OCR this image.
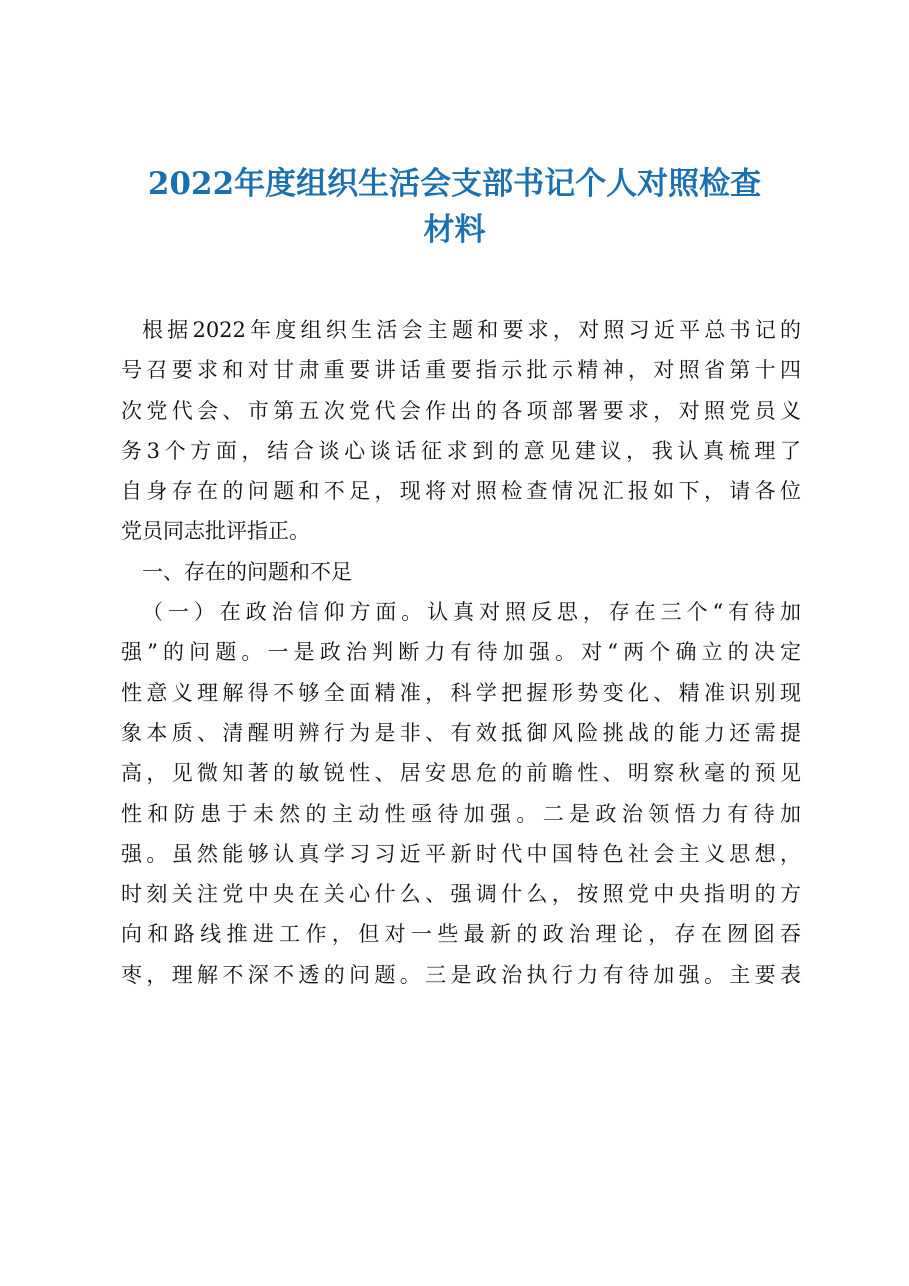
2022年度组织生活会支部书记个人对照检查
材料
根据2022年度组织生活会主题和要求，对照习近平总书记的
号召要求和对甘肃重要讲话重要指示批示精神，对照省第十四
次党代会、市第五次党代会作出的各项部署要求，对照党员义
务3个方面，结合谈心谈话征求到的意见建议，我认真梳理了
自身存在的问题和不足，现将对照检查情况汇报如下，请各位
党员同志批评指正。
一、存在的问题和不足
（一）在政治信仰方面。认真对照反思，存在三个“有待加
强”的问题。一是政治判断力有待加强。对“两个确立的决定
性意义理解得不够全面精准，科学把握形势变化、精准识别现
象本质、清醒明辨行为是非、有效抵御风险挑战的能力还需提
高，见微知著的敏锐性、居安思危的前瞻性、明察秋毫的预见
性和防患于未然的主动性亟待加强。二是政治领悟力有待加
强。虽然能够认真学习习近平新时代中国特色社会主义思想，
时刻关注党中央在关心什么、强调什么，按照党中央指明的方
向和路线推进工作，但对一些最新的政治理论，存在囫囵吞
枣，理解不深不透的问题。三是政治执行力有待加强。主要表
